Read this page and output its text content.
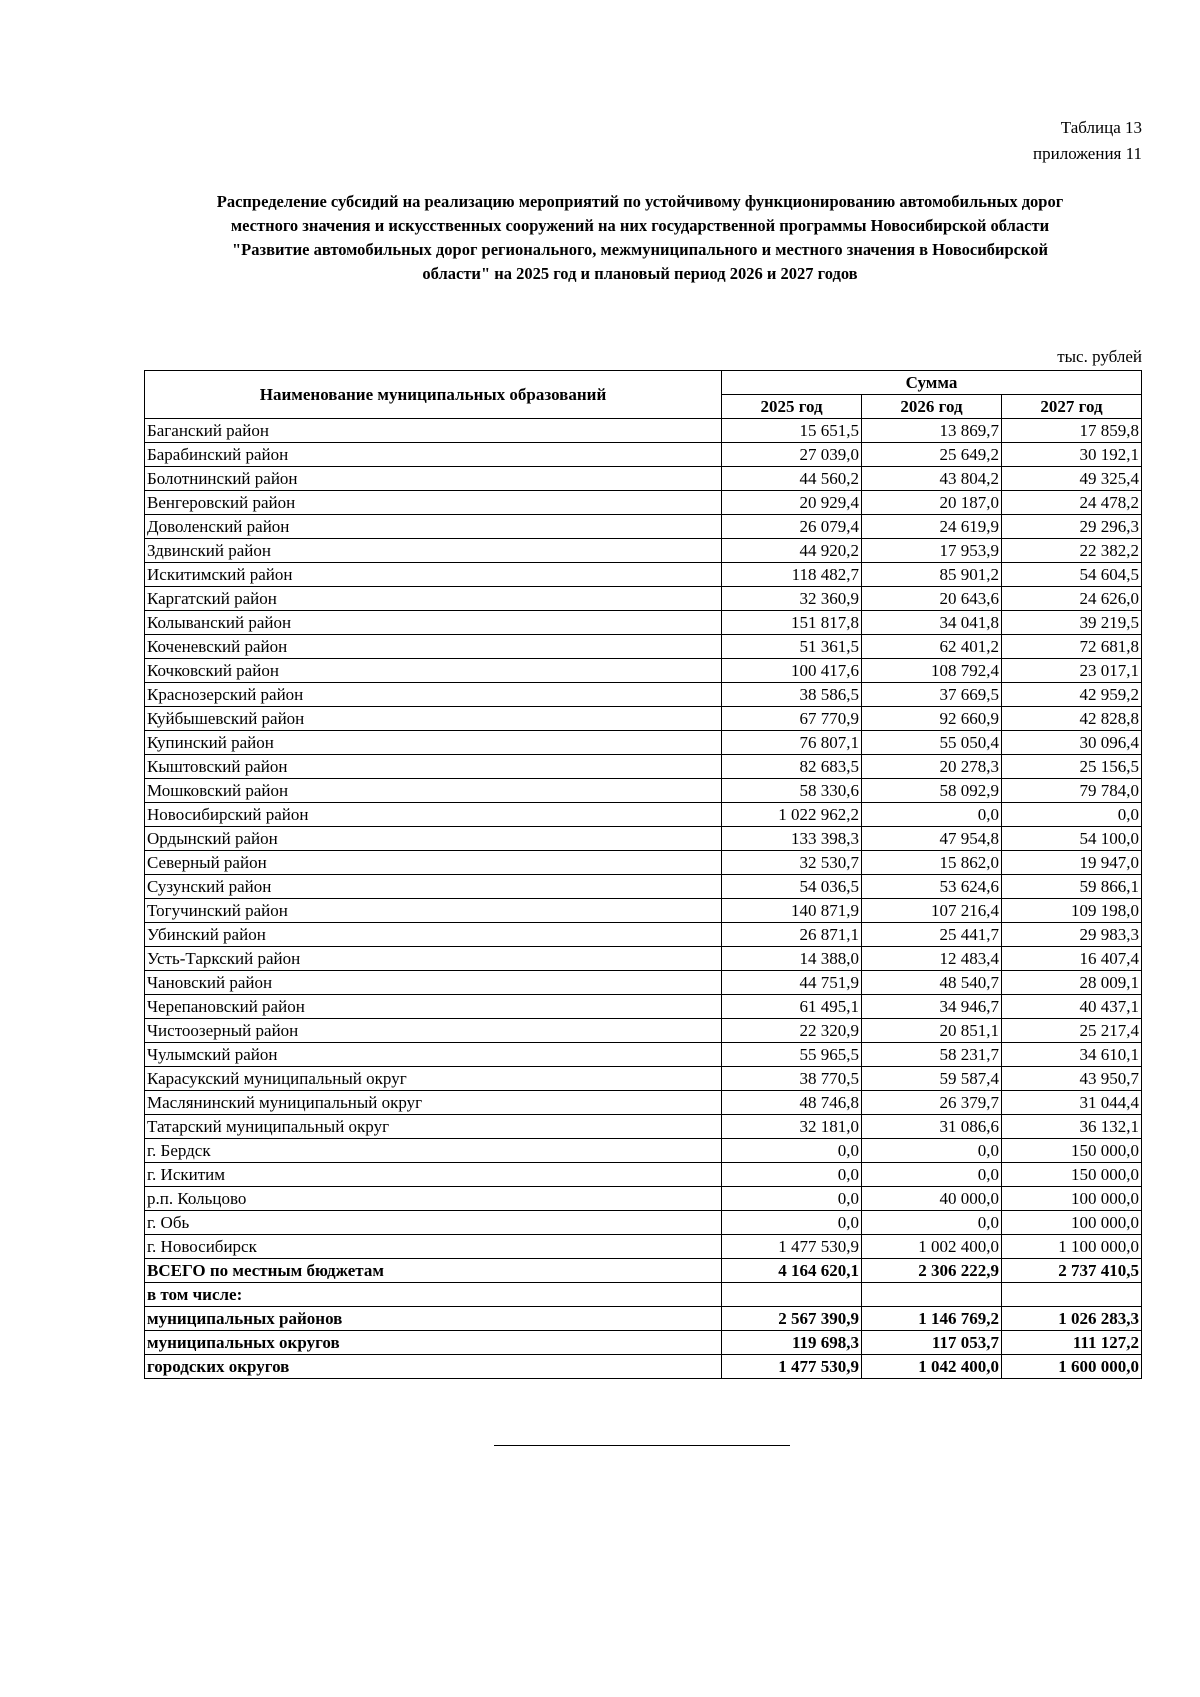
Таблица 13
приложения 11
Распределение субсидий на реализацию мероприятий по устойчивому функционированию автомобильных дорог
местного значения и искусственных сооружений на них государственной программы Новосибирской области
"Развитие автомобильных дорог регионального, межмуниципального и местного значения в Новосибирской
области" на 2025 год и плановый период 2026 и 2027 годов
тыс. рублей
Наименование муниципальных образований	Сумма		
	2025 год	2026 год	2027 год
Баганский район	15 651,5	13 869,7	17 859,8
Барабинский район	27 039,0	25 649,2	30 192,1
Болотнинский район	44 560,2	43 804,2	49 325,4
Венгеровский район	20 929,4	20 187,0	24 478,2
Доволенский район	26 079,4	24 619,9	29 296,3
Здвинский район	44 920,2	17 953,9	22 382,2
Искитимский район	118 482,7	85 901,2	54 604,5
Каргатский район	32 360,9	20 643,6	24 626,0
Колыванский район	151 817,8	34 041,8	39 219,5
Коченевский район	51 361,5	62 401,2	72 681,8
Кочковский район	100 417,6	108 792,4	23 017,1
Краснозерский район	38 586,5	37 669,5	42 959,2
Куйбышевский район	67 770,9	92 660,9	42 828,8
Купинский район	76 807,1	55 050,4	30 096,4
Кыштовский район	82 683,5	20 278,3	25 156,5
Мошковский район	58 330,6	58 092,9	79 784,0
Новосибирский район	1 022 962,2	0,0	0,0
Ордынский район	133 398,3	47 954,8	54 100,0
Северный район	32 530,7	15 862,0	19 947,0
Сузунский район	54 036,5	53 624,6	59 866,1
Тогучинский район	140 871,9	107 216,4	109 198,0
Убинский район	26 871,1	25 441,7	29 983,3
Усть-Таркский район	14 388,0	12 483,4	16 407,4
Чановский район	44 751,9	48 540,7	28 009,1
Черепановский район	61 495,1	34 946,7	40 437,1
Чистоозерный район	22 320,9	20 851,1	25 217,4
Чулымский район	55 965,5	58 231,7	34 610,1
Карасукский муниципальный округ	38 770,5	59 587,4	43 950,7
Маслянинский муниципальный округ	48 746,8	26 379,7	31 044,4
Татарский муниципальный округ	32 181,0	31 086,6	36 132,1
г. Бердск	0,0	0,0	150 000,0
г. Искитим	0,0	0,0	150 000,0
р.п. Кольцово	0,0	40 000,0	100 000,0
г. Обь	0,0	0,0	100 000,0
г. Новосибирск	1 477 530,9	1 002 400,0	1 100 000,0
ВСЕГО по местным бюджетам	4 164 620,1	2 306 222,9	2 737 410,5
в том числе:			
муниципальных районов	2 567 390,9	1 146 769,2	1 026 283,3
муниципальных округов	119 698,3	117 053,7	111 127,2
городских округов	1 477 530,9	1 042 400,0	1 600 000,0
